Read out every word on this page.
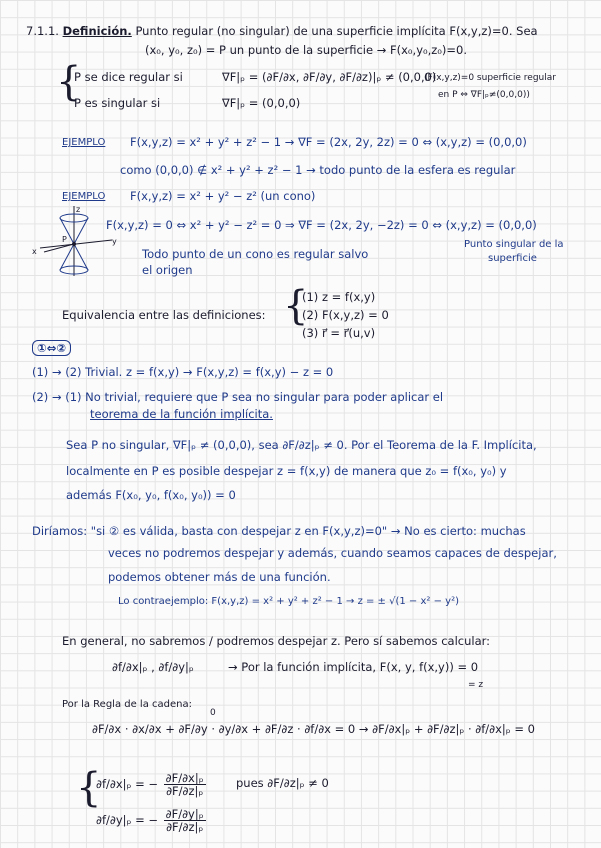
7.1.1. Definición. Punto regular (no singular) de una superficie implícita F(x,y,z)=0. Sea
(x₀, y₀, z₀) = P un punto de la superficie → F(x₀,y₀,z₀)=0.
{
P se dice regular si	∇F|ₚ = (∂F/∂x, ∂F/∂y, ∂F/∂z)|ₚ ≠ (0,0,0)
(F(x,y,z)=0 superficie regular
en P ⇔ ∇F|ₚ≠(0,0,0))
P es singular si	∇F|ₚ = (0,0,0)
EJEMPLO F(x,y,z) = x² + y² + z² − 1 → ∇F = (2x, 2y, 2z) = 0 ⇔ (x,y,z) = (0,0,0)
como (0,0,0) ∉ x² + y² + z² − 1 → todo punto de la esfera es regular
EJEMPLO F(x,y,z) = x² + y² − z² (un cono)
z
x
y
P
F(x,y,z) = 0 ⇔ x² + y² − z² = 0 ⇒ ∇F = (2x, 2y, −2z) = 0 ⇔ (x,y,z) = (0,0,0)
Todo punto de un cono es regular salvo
el origen
Punto singular de la
superficie
Equivalencia entre las definiciones: {
(1) z = f(x,y)
(2) F(x,y,z) = 0
(3) r⃗ = r⃗(u,v)
①⇔②
(1) → (2) Trivial. z = f(x,y) → F(x,y,z) = f(x,y) − z = 0
(2) → (1) No trivial, requiere que P sea no singular para poder aplicar el
teorema de la función implícita.
Sea P no singular, ∇F|ₚ ≠ (0,0,0), sea ∂F/∂z|ₚ ≠ 0. Por el Teorema de la F. Implícita,
localmente en P es posible despejar z = f(x,y) de manera que z₀ = f(x₀, y₀) y
además F(x₀, y₀, f(x₀, y₀)) = 0
Diríamos: "si ② es válida, basta con despejar z en F(x,y,z)=0" → No es cierto: muchas
veces no podremos despejar y además, cuando seamos capaces de despejar,
podemos obtener más de una función.
Lo contraejemplo: F(x,y,z) = x² + y² + z² − 1 → z = ± √(1 − x² − y²)
En general, no sabremos / podremos despejar z. Pero sí sabemos calcular:
∂f/∂x|ₚ , ∂f/∂y|ₚ	→ Por la función implícita, F(x, y, f(x,y)) = 0
= z
Por la Regla de la cadena:
∂F/∂x · ∂x/∂x + ∂F/∂y · ∂y/∂x + ∂F/∂z · ∂f/∂x = 0 → ∂F/∂x|ₚ + ∂F/∂z|ₚ · ∂f/∂x|ₚ = 0
0
{
∂f/∂x|ₚ = − $\frac{\text{∂F/∂x|ₚ}}{\text{∂F/∂z|ₚ}}$	pues ∂F/∂z|ₚ ≠ 0
∂f/∂y|ₚ = − $\frac{\text{∂F/∂y|ₚ}}{\text{∂F/∂z|ₚ}}$
